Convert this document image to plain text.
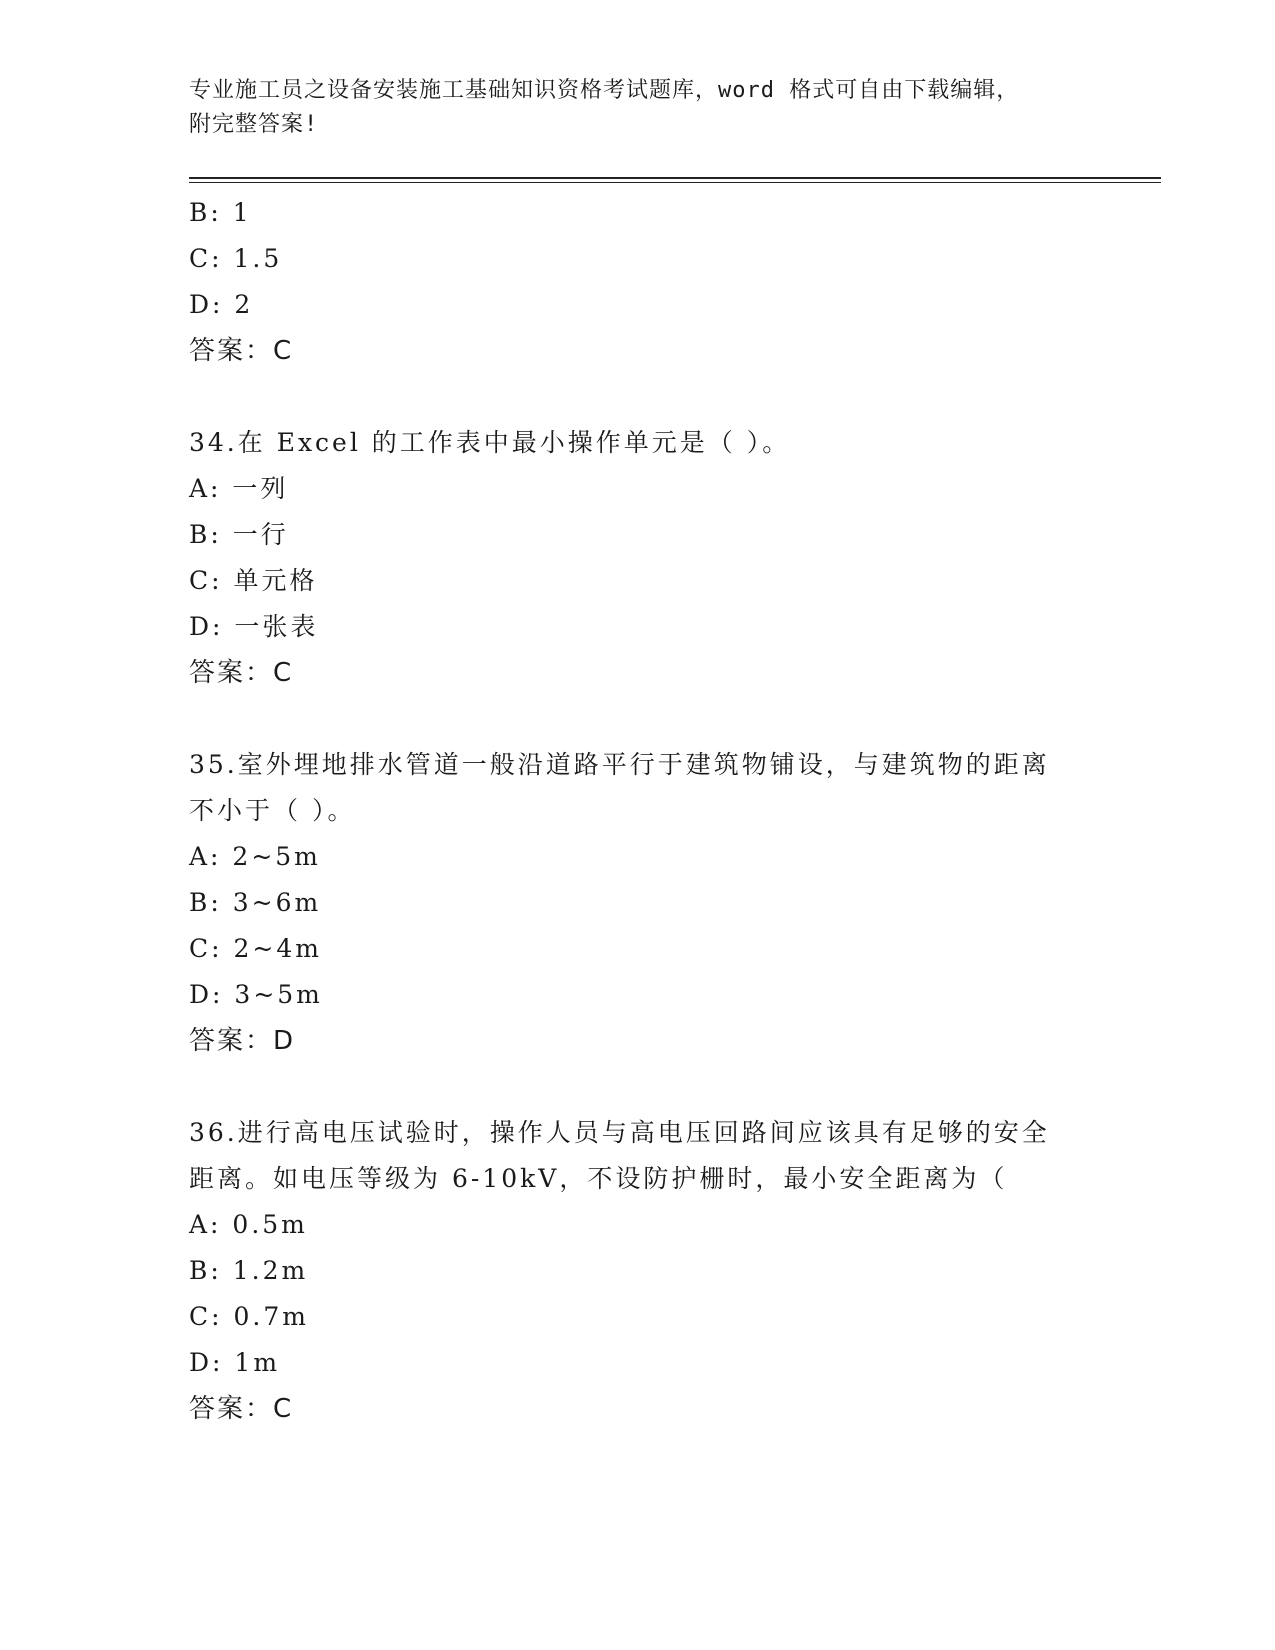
专业施工员之设备安装施工基础知识资格考试题库，word 格式可自由下载编辑，
附完整答案!
B: 1
C: 1.5
D: 2
答案：C
34.在 Excel 的工作表中最小操作单元是（ ）。
A: 一列
B: 一行
C: 单元格
D: 一张表
答案：C
35.室外埋地排水管道一般沿道路平行于建筑物铺设，与建筑物的距离
不小于（ ）。
A: 2~5m
B: 3~6m
C: 2~4m
D: 3~5m
答案：D
36.进行高电压试验时，操作人员与高电压回路间应该具有足够的安全
距离。如电压等级为 6-10kV，不设防护栅时，最小安全距离为（
A: 0.5m
B: 1.2m
C: 0.7m
D: 1m
答案：C
